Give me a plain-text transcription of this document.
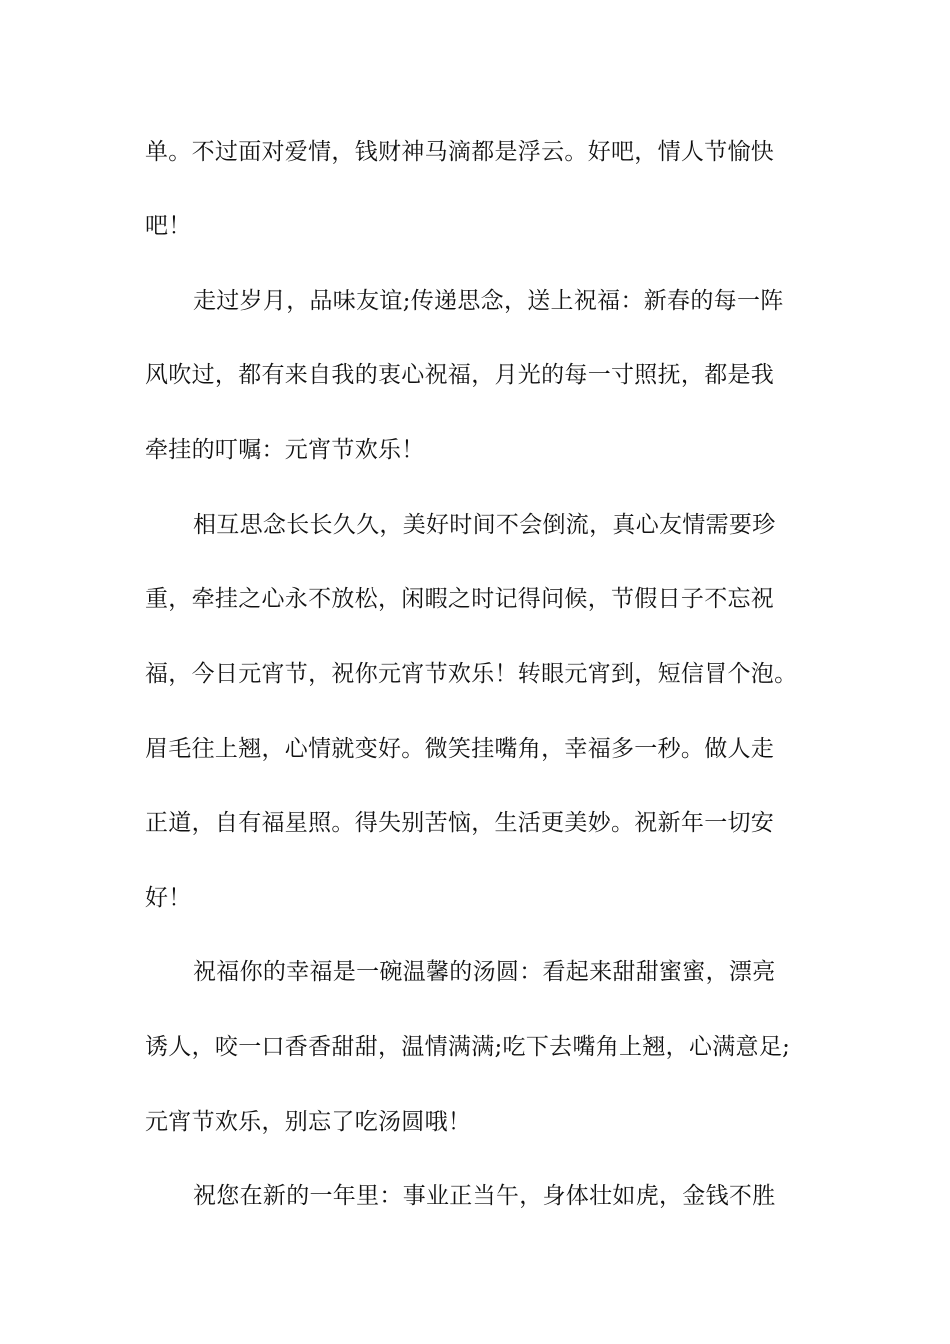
单。不过面对爱情，钱财神马滴都是浮云。好吧，情人节愉快
吧！
走过岁月，品味友谊;传递思念，送上祝福：新春的每一阵
风吹过，都有来自我的衷心祝福，月光的每一寸照抚，都是我
牵挂的叮嘱：元宵节欢乐！
相互思念长长久久，美好时间不会倒流，真心友情需要珍
重，牵挂之心永不放松，闲暇之时记得问候，节假日子不忘祝
福，今日元宵节，祝你元宵节欢乐！转眼元宵到，短信冒个泡。
眉毛往上翘，心情就变好。微笑挂嘴角，幸福多一秒。做人走
正道，自有福星照。得失别苦恼，生活更美妙。祝新年一切安
好！
祝福你的幸福是一碗温馨的汤圆：看起来甜甜蜜蜜，漂亮
诱人，咬一口香香甜甜，温情满满;吃下去嘴角上翘，心满意足;
元宵节欢乐，别忘了吃汤圆哦！
祝您在新的一年里：事业正当午，身体壮如虎，金钱不胜
